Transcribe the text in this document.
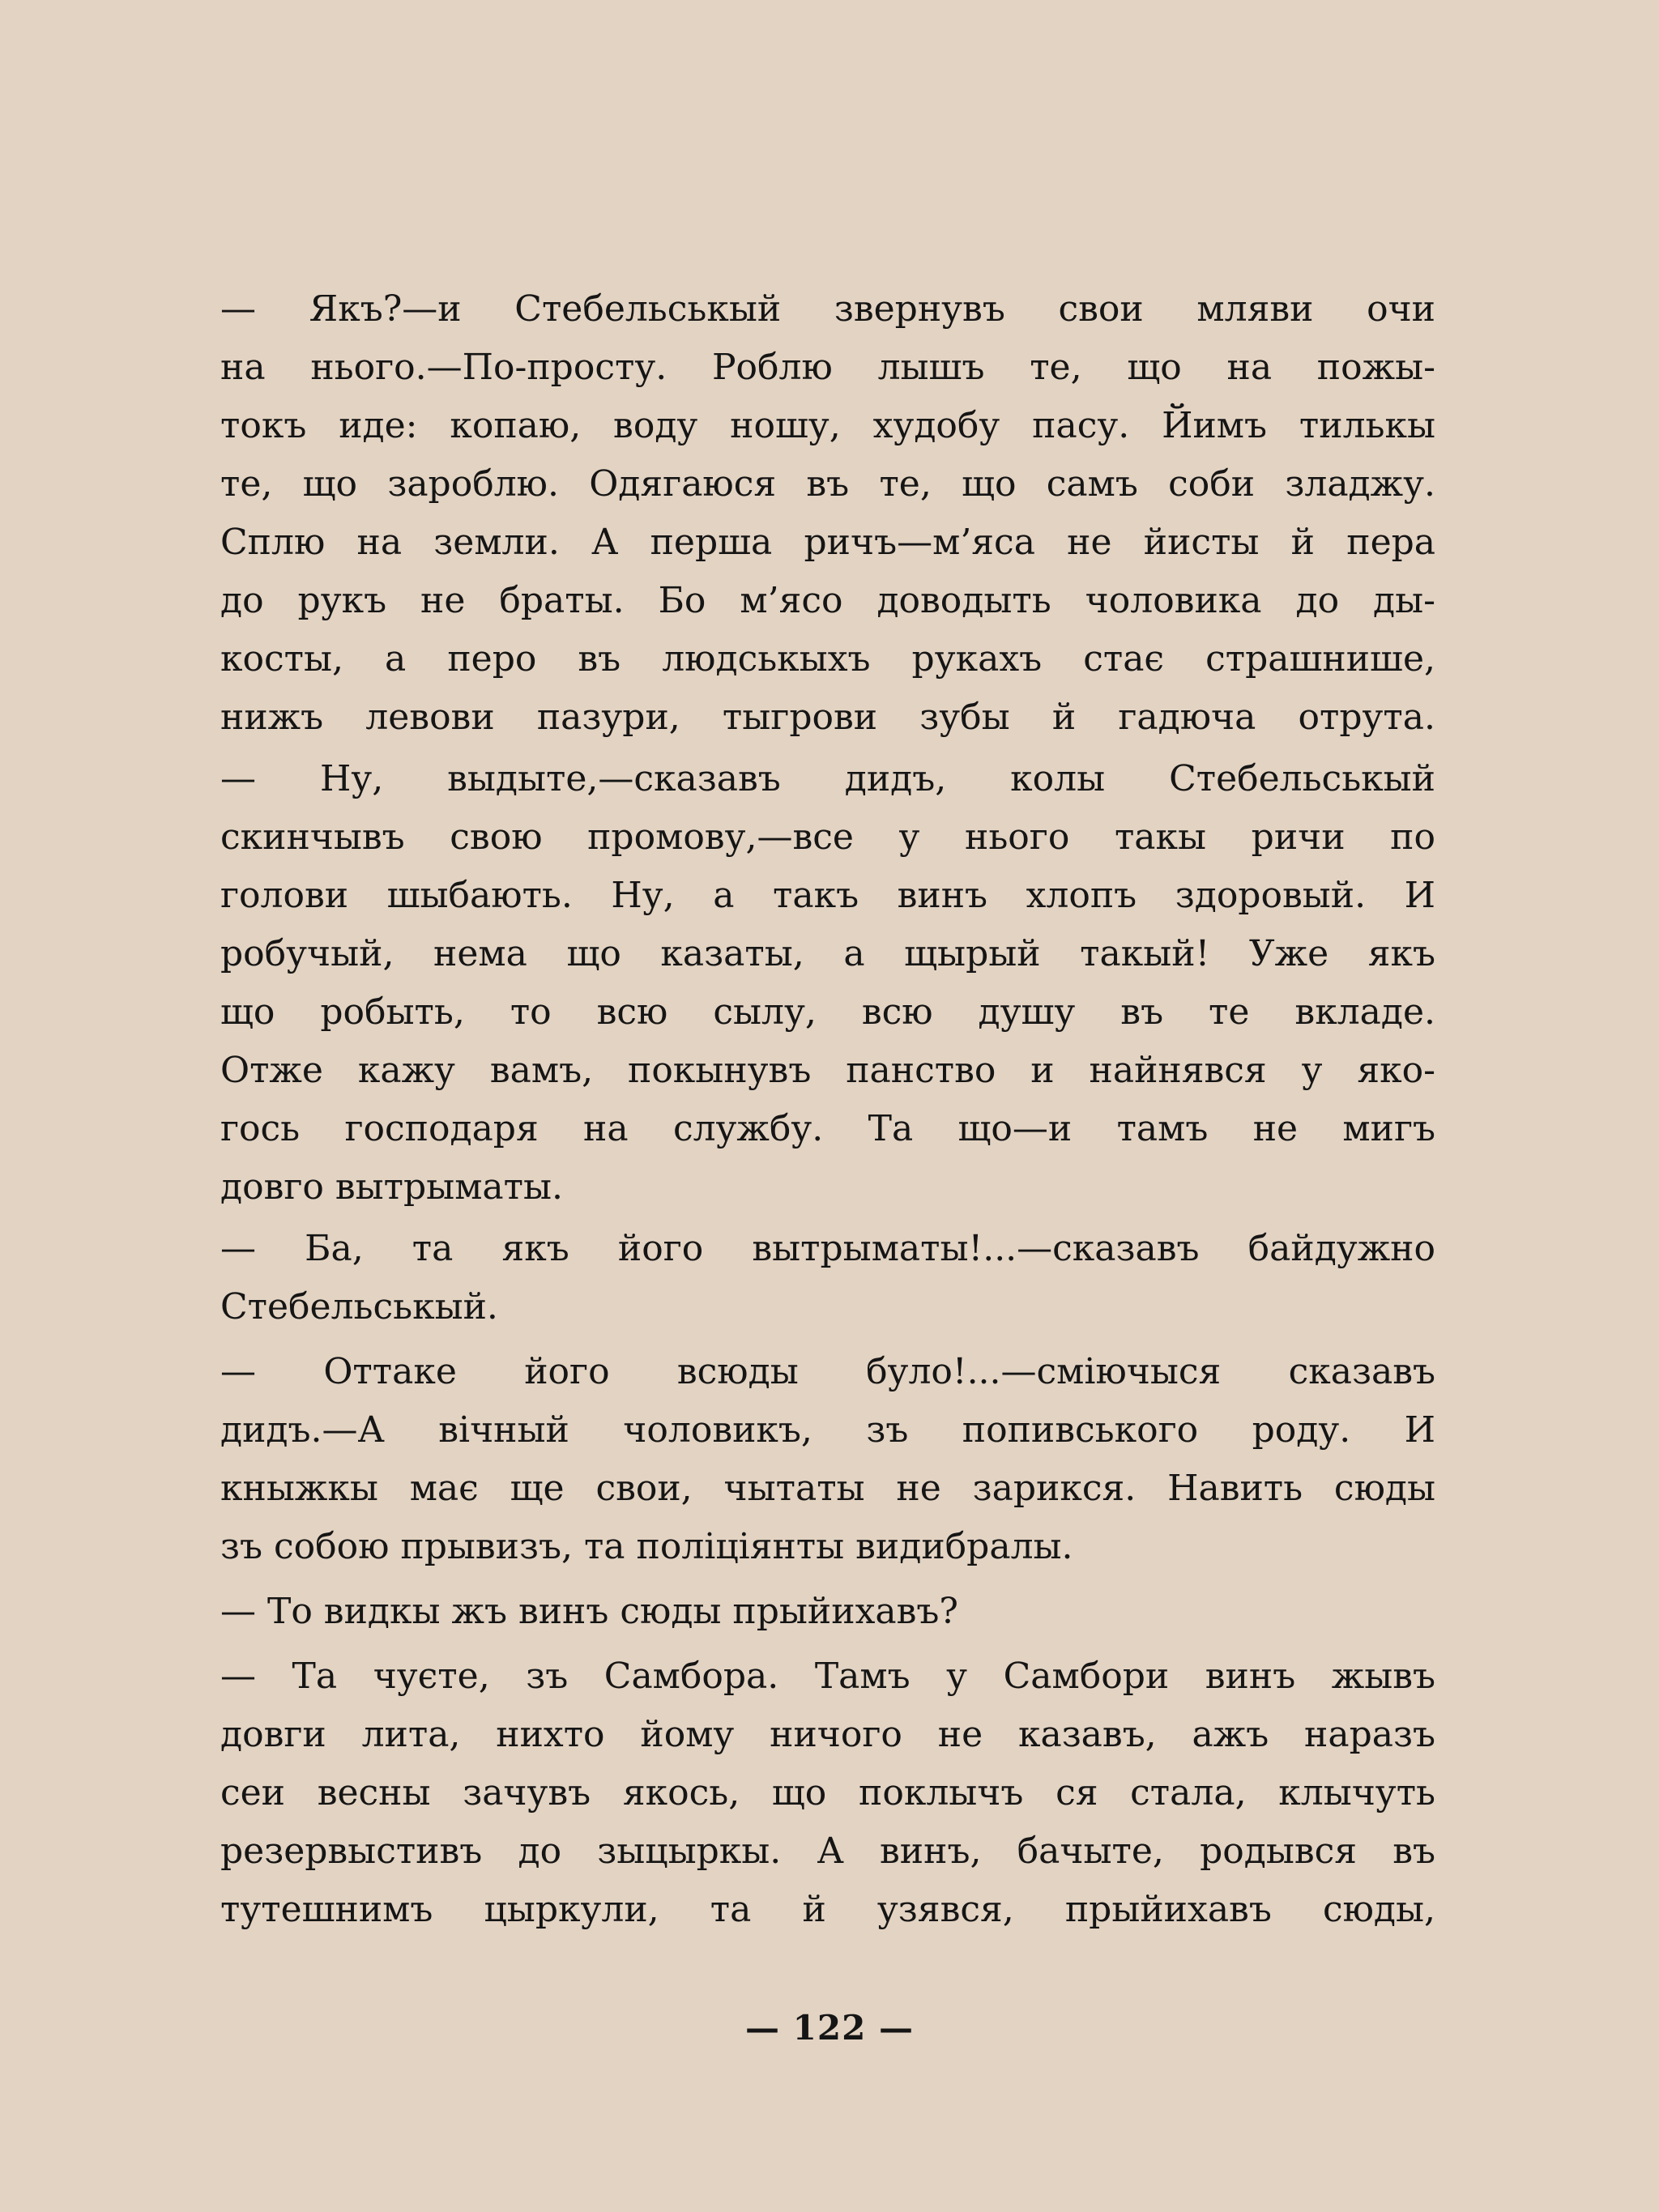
— Якъ?—и Стебельськый звернувъ свои мляви очи
на нього.—По-просту. Роблю лышъ те, що на пожы-
токъ иде: копаю, воду ношу, худобу пасу. Йимъ тилькы
те, що зароблю. Одягаюся въ те, що самъ соби зладжу.
Сплю на земли. А перша ричъ—м’яса не йисты й пера
до рукъ не браты. Бо м’ясо доводыть чоловика до ды-
косты, а перо въ людськыхъ рукахъ стає страшнише,
нижъ левови пазури, тыгрови зубы й гадюча отрута.
— Ну, выдыте,—сказавъ дидъ, колы Стебельськый
скинчывъ свою промову,—все у нього такы ричи по
голови шыбають. Ну, а такъ винъ хлопъ здоровый. И
робучый, нема що казаты, а щырый такый! Уже якъ
що робыть, то всю сылу, всю душу въ те вкладе.
Отже кажу вамъ, покынувъ панство и найнявся у яко-
гось господаря на службу. Та що—и тамъ не мигъ
довго вытрыматы.
— Ба, та якъ його вытрыматы!...—сказавъ байдужно
Стебельськый.
— Оттаке його всюды було!...—сміючыся сказавъ
дидъ.—А вічный чоловикъ, зъ попивського роду. И
кныжкы має ще свои, чытаты не зарикся. Навить сюды
зъ собою прывизъ, та поліціянты видибралы.
— То видкы жъ винъ сюды прыйихавъ?
— Та чуєте, зъ Самбора. Тамъ у Самбори винъ жывъ
довги лита, нихто йому ничого не казавъ, ажъ наразъ
сеи весны зачувъ якось, що поклычъ ся стала, клычуть
резервыстивъ до зыцыркы. А винъ, бачыте, родывся въ
тутешнимъ цыркули, та й узявся, прыйихавъ сюды,
— 122 —
